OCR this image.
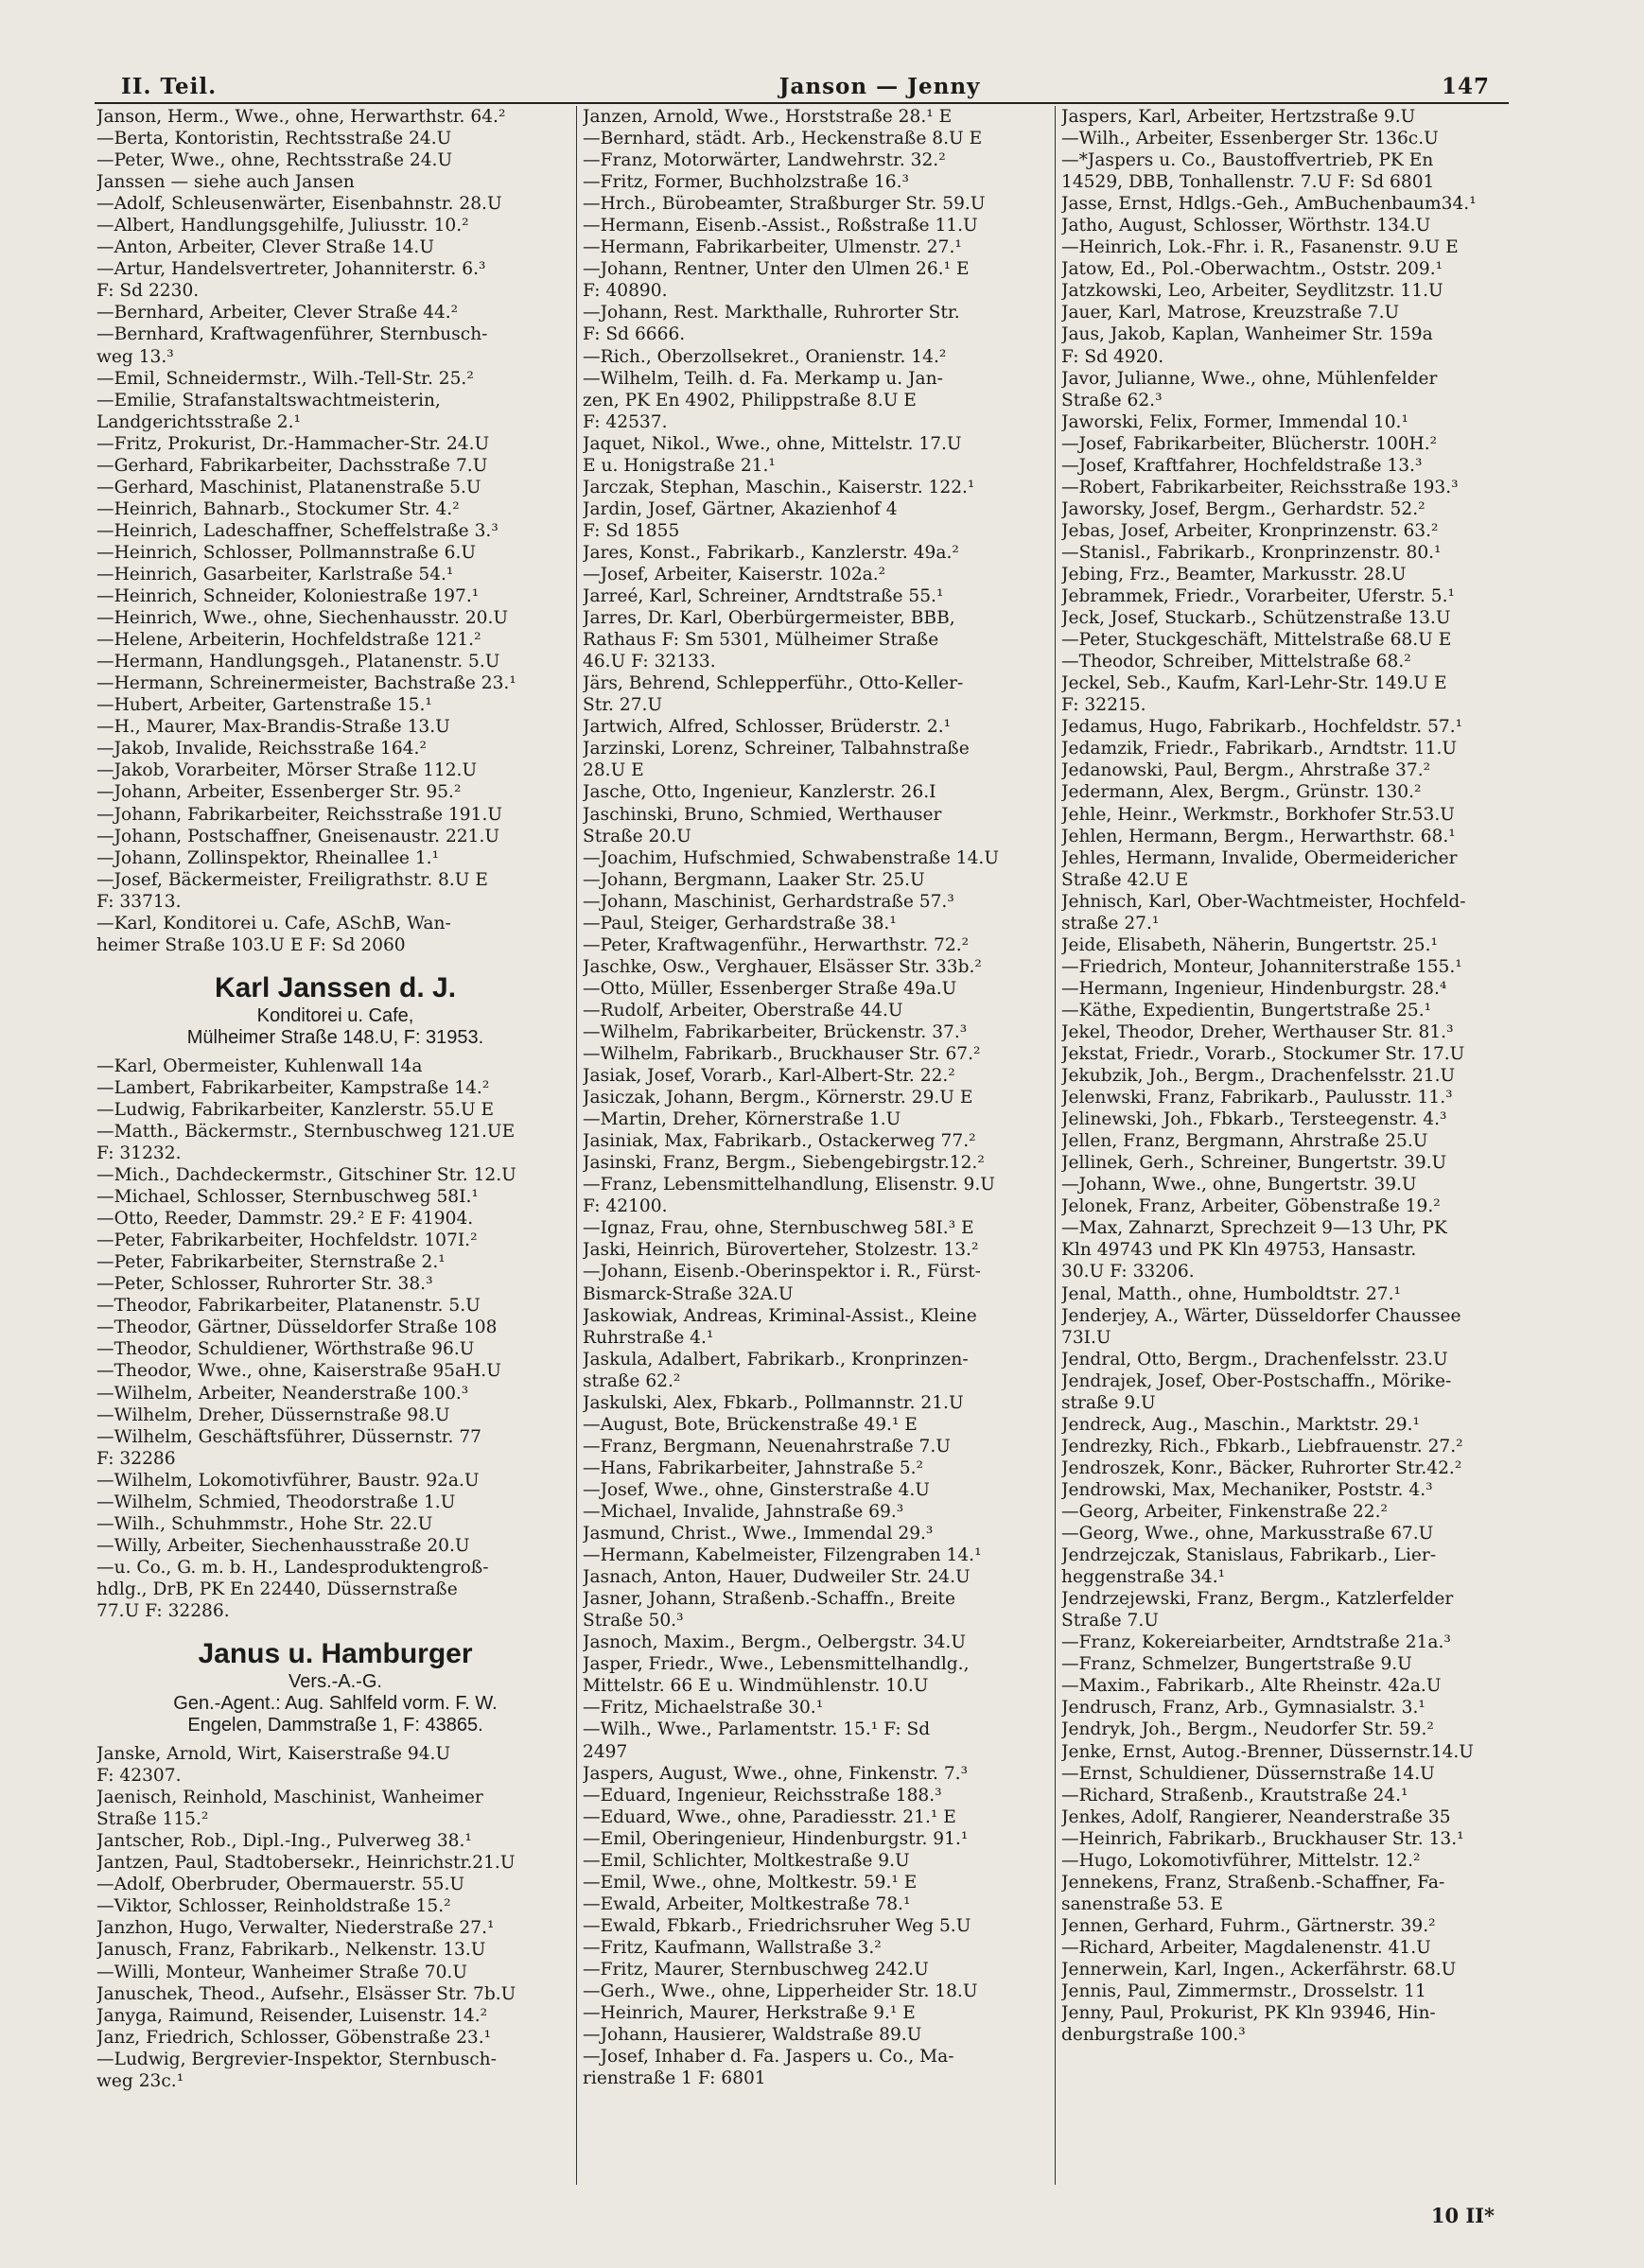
II. Teil.	Janson — Jenny	147
Janson, Herm., Wwe., ohne, Herwarthstr. 64.²
—Berta, Kontoristin, Rechtsstraße 24.U
—Peter, Wwe., ohne, Rechtsstraße 24.U
Janssen — siehe auch Jansen
—Adolf, Schleusenwärter, Eisenbahnstr. 28.U
—Albert, Handlungsgehilfe, Juliusstr. 10.²
—Anton, Arbeiter, Clever Straße 14.U
—Artur, Handelsvertreter, Johanniterstr. 6.³
F: Sd 2230.
—Bernhard, Arbeiter, Clever Straße 44.²
—Bernhard, Kraftwagenführer, Sternbusch-
weg 13.³
—Emil, Schneidermstr., Wilh.-Tell-Str. 25.²
—Emilie, Strafanstaltswachtmeisterin,
Landgerichtsstraße 2.¹
—Fritz, Prokurist, Dr.-Hammacher-Str. 24.U
—Gerhard, Fabrikarbeiter, Dachsstraße 7.U
—Gerhard, Maschinist, Platanenstraße 5.U
—Heinrich, Bahnarb., Stockumer Str. 4.²
—Heinrich, Ladeschaffner, Scheffelstraße 3.³
—Heinrich, Schlosser, Pollmannstraße 6.U
—Heinrich, Gasarbeiter, Karlstraße 54.¹
—Heinrich, Schneider, Koloniestraße 197.¹
—Heinrich, Wwe., ohne, Siechenhausstr. 20.U
—Helene, Arbeiterin, Hochfeldstraße 121.²
—Hermann, Handlungsgeh., Platanenstr. 5.U
—Hermann, Schreinermeister, Bachstraße 23.¹
—Hubert, Arbeiter, Gartenstraße 15.¹
—H., Maurer, Max-Brandis-Straße 13.U
—Jakob, Invalide, Reichsstraße 164.²
—Jakob, Vorarbeiter, Mörser Straße 112.U
—Johann, Arbeiter, Essenberger Str. 95.²
—Johann, Fabrikarbeiter, Reichsstraße 191.U
—Johann, Postschaffner, Gneisenaustr. 221.U
—Johann, Zollinspektor, Rheinallee 1.¹
—Josef, Bäckermeister, Freiligrathstr. 8.U E
F: 33713.
—Karl, Konditorei u. Cafe, ASchB, Wan-
heimer Straße 103.U E F: Sd 2060
Karl Janssen d. J.
Konditorei u. Cafe,
Mülheimer Straße 148.U, F: 31953.
—Karl, Obermeister, Kuhlenwall 14a
—Lambert, Fabrikarbeiter, Kampstraße 14.²
—Ludwig, Fabrikarbeiter, Kanzlerstr. 55.U E
—Matth., Bäckermstr., Sternbuschweg 121.UE
F: 31232.
—Mich., Dachdeckermstr., Gitschiner Str. 12.U
—Michael, Schlosser, Sternbuschweg 58I.¹
—Otto, Reeder, Dammstr. 29.² E F: 41904.
—Peter, Fabrikarbeiter, Hochfeldstr. 107I.²
—Peter, Fabrikarbeiter, Sternstraße 2.¹
—Peter, Schlosser, Ruhrorter Str. 38.³
—Theodor, Fabrikarbeiter, Platanenstr. 5.U
—Theodor, Gärtner, Düsseldorfer Straße 108
—Theodor, Schuldiener, Wörthstraße 96.U
—Theodor, Wwe., ohne, Kaiserstraße 95aH.U
—Wilhelm, Arbeiter, Neanderstraße 100.³
—Wilhelm, Dreher, Düssernstraße 98.U
—Wilhelm, Geschäftsführer, Düssernstr. 77
F: 32286
—Wilhelm, Lokomotivführer, Baustr. 92a.U
—Wilhelm, Schmied, Theodorstraße 1.U
—Wilh., Schuhmmstr., Hohe Str. 22.U
—Willy, Arbeiter, Siechenhausstraße 20.U
—u. Co., G. m. b. H., Landesproduktengroß-
hdlg., DrB, PK En 22440, Düssernstraße
77.U F: 32286.
Janus u. Hamburger
Vers.-A.-G.
Gen.-Agent.: Aug. Sahlfeld vorm. F. W.
Engelen, Dammstraße 1, F: 43865.
Janske, Arnold, Wirt, Kaiserstraße 94.U
F: 42307.
Jaenisch, Reinhold, Maschinist, Wanheimer
Straße 115.²
Jantscher, Rob., Dipl.-Ing., Pulverweg 38.¹
Jantzen, Paul, Stadtobersekr., Heinrichstr.21.U
—Adolf, Oberbruder, Obermauerstr. 55.U
—Viktor, Schlosser, Reinholdstraße 15.²
Janzhon, Hugo, Verwalter, Niederstraße 27.¹
Janusch, Franz, Fabrikarb., Nelkenstr. 13.U
—Willi, Monteur, Wanheimer Straße 70.U
Januschek, Theod., Aufsehr., Elsässer Str. 7b.U
Janyga, Raimund, Reisender, Luisenstr. 14.²
Janz, Friedrich, Schlosser, Göbenstraße 23.¹
—Ludwig, Bergrevier-Inspektor, Sternbusch-
weg 23c.¹
Janzen, Arnold, Wwe., Horststraße 28.¹ E
—Bernhard, städt. Arb., Heckenstraße 8.U E
—Franz, Motorwärter, Landwehrstr. 32.²
—Fritz, Former, Buchholzstraße 16.³
—Hrch., Bürobeamter, Straßburger Str. 59.U
—Hermann, Eisenb.-Assist., Roßstraße 11.U
—Hermann, Fabrikarbeiter, Ulmenstr. 27.¹
—Johann, Rentner, Unter den Ulmen 26.¹ E
F: 40890.
—Johann, Rest. Markthalle, Ruhrorter Str.
F: Sd 6666.
—Rich., Oberzollsekret., Oranienstr. 14.²
—Wilhelm, Teilh. d. Fa. Merkamp u. Jan-
zen, PK En 4902, Philippstraße 8.U E
F: 42537.
Jaquet, Nikol., Wwe., ohne, Mittelstr. 17.U
E u. Honigstraße 21.¹
Jarczak, Stephan, Maschin., Kaiserstr. 122.¹
Jardin, Josef, Gärtner, Akazienhof 4
F: Sd 1855
Jares, Konst., Fabrikarb., Kanzlerstr. 49a.²
—Josef, Arbeiter, Kaiserstr. 102a.²
Jarreé, Karl, Schreiner, Arndtstraße 55.¹
Jarres, Dr. Karl, Oberbürgermeister, BBB,
Rathaus F: Sm 5301, Mülheimer Straße
46.U F: 32133.
Järs, Behrend, Schlepperführ., Otto-Keller-
Str. 27.U
Jartwich, Alfred, Schlosser, Brüderstr. 2.¹
Jarzinski, Lorenz, Schreiner, Talbahnstraße
28.U E
Jasche, Otto, Ingenieur, Kanzlerstr. 26.I
Jaschinski, Bruno, Schmied, Werthauser
Straße 20.U
—Joachim, Hufschmied, Schwabenstraße 14.U
—Johann, Bergmann, Laaker Str. 25.U
—Johann, Maschinist, Gerhardstraße 57.³
—Paul, Steiger, Gerhardstraße 38.¹
—Peter, Kraftwagenführ., Herwarthstr. 72.²
Jaschke, Osw., Verghauer, Elsässer Str. 33b.²
—Otto, Müller, Essenberger Straße 49a.U
—Rudolf, Arbeiter, Oberstraße 44.U
—Wilhelm, Fabrikarbeiter, Brückenstr. 37.³
—Wilhelm, Fabrikarb., Bruckhauser Str. 67.²
Jasiak, Josef, Vorarb., Karl-Albert-Str. 22.²
Jasiczak, Johann, Bergm., Körnerstr. 29.U E
—Martin, Dreher, Körnerstraße 1.U
Jasiniak, Max, Fabrikarb., Ostackerweg 77.²
Jasinski, Franz, Bergm., Siebengebirgstr.12.²
—Franz, Lebensmittelhandlung, Elisenstr. 9.U
F: 42100.
—Ignaz, Frau, ohne, Sternbuschweg 58I.³ E
Jaski, Heinrich, Büroverteher, Stolzestr. 13.²
—Johann, Eisenb.-Oberinspektor i. R., Fürst-
Bismarck-Straße 32A.U
Jaskowiak, Andreas, Kriminal-Assist., Kleine
Ruhrstraße 4.¹
Jaskula, Adalbert, Fabrikarb., Kronprinzen-
straße 62.²
Jaskulski, Alex, Fbkarb., Pollmannstr. 21.U
—August, Bote, Brückenstraße 49.¹ E
—Franz, Bergmann, Neuenahrstraße 7.U
—Hans, Fabrikarbeiter, Jahnstraße 5.²
—Josef, Wwe., ohne, Ginsterstraße 4.U
—Michael, Invalide, Jahnstraße 69.³
Jasmund, Christ., Wwe., Immendal 29.³
—Hermann, Kabelmeister, Filzengraben 14.¹
Jasnach, Anton, Hauer, Dudweiler Str. 24.U
Jasner, Johann, Straßenb.-Schaffn., Breite
Straße 50.³
Jasnoch, Maxim., Bergm., Oelbergstr. 34.U
Jasper, Friedr., Wwe., Lebensmittelhandlg.,
Mittelstr. 66 E u. Windmühlenstr. 10.U
—Fritz, Michaelstraße 30.¹
—Wilh., Wwe., Parlamentstr. 15.¹ F: Sd
2497
Jaspers, August, Wwe., ohne, Finkenstr. 7.³
—Eduard, Ingenieur, Reichsstraße 188.³
—Eduard, Wwe., ohne, Paradiesstr. 21.¹ E
—Emil, Oberingenieur, Hindenburgstr. 91.¹
—Emil, Schlichter, Moltkestraße 9.U
—Emil, Wwe., ohne, Moltkestr. 59.¹ E
—Ewald, Arbeiter, Moltkestraße 78.¹
—Ewald, Fbkarb., Friedrichsruher Weg 5.U
—Fritz, Kaufmann, Wallstraße 3.²
—Fritz, Maurer, Sternbuschweg 242.U
—Gerh., Wwe., ohne, Lipperheider Str. 18.U
—Heinrich, Maurer, Herkstraße 9.¹ E
—Johann, Hausierer, Waldstraße 89.U
—Josef, Inhaber d. Fa. Jaspers u. Co., Ma-
rienstraße 1 F: 6801
Jaspers, Karl, Arbeiter, Hertzstraße 9.U
—Wilh., Arbeiter, Essenberger Str. 136c.U
—*Jaspers u. Co., Baustoffvertrieb, PK En
14529, DBB, Tonhallenstr. 7.U F: Sd 6801
Jasse, Ernst, Hdlgs.-Geh., AmBuchenbaum34.¹
Jatho, August, Schlosser, Wörthstr. 134.U
—Heinrich, Lok.-Fhr. i. R., Fasanenstr. 9.U E
Jatow, Ed., Pol.-Oberwachtm., Oststr. 209.¹
Jatzkowski, Leo, Arbeiter, Seydlitzstr. 11.U
Jauer, Karl, Matrose, Kreuzstraße 7.U
Jaus, Jakob, Kaplan, Wanheimer Str. 159a
F: Sd 4920.
Javor, Julianne, Wwe., ohne, Mühlenfelder
Straße 62.³
Jaworski, Felix, Former, Immendal 10.¹
—Josef, Fabrikarbeiter, Blücherstr. 100H.²
—Josef, Kraftfahrer, Hochfeldstraße 13.³
—Robert, Fabrikarbeiter, Reichsstraße 193.³
Jaworsky, Josef, Bergm., Gerhardstr. 52.²
Jebas, Josef, Arbeiter, Kronprinzenstr. 63.²
—Stanisl., Fabrikarb., Kronprinzenstr. 80.¹
Jebing, Frz., Beamter, Markusstr. 28.U
Jebrammek, Friedr., Vorarbeiter, Uferstr. 5.¹
Jeck, Josef, Stuckarb., Schützenstraße 13.U
—Peter, Stuckgeschäft, Mittelstraße 68.U E
—Theodor, Schreiber, Mittelstraße 68.²
Jeckel, Seb., Kaufm, Karl-Lehr-Str. 149.U E
F: 32215.
Jedamus, Hugo, Fabrikarb., Hochfeldstr. 57.¹
Jedamzik, Friedr., Fabrikarb., Arndtstr. 11.U
Jedanowski, Paul, Bergm., Ahrstraße 37.²
Jedermann, Alex, Bergm., Grünstr. 130.²
Jehle, Heinr., Werkmstr., Borkhofer Str.53.U
Jehlen, Hermann, Bergm., Herwarthstr. 68.¹
Jehles, Hermann, Invalide, Obermeidericher
Straße 42.U E
Jehnisch, Karl, Ober-Wachtmeister, Hochfeld-
straße 27.¹
Jeide, Elisabeth, Näherin, Bungertstr. 25.¹
—Friedrich, Monteur, Johanniterstraße 155.¹
—Hermann, Ingenieur, Hindenburgstr. 28.⁴
—Käthe, Expedientin, Bungertstraße 25.¹
Jekel, Theodor, Dreher, Werthauser Str. 81.³
Jekstat, Friedr., Vorarb., Stockumer Str. 17.U
Jekubzik, Joh., Bergm., Drachenfelsstr. 21.U
Jelenwski, Franz, Fabrikarb., Paulusstr. 11.³
Jelinewski, Joh., Fbkarb., Tersteegenstr. 4.³
Jellen, Franz, Bergmann, Ahrstraße 25.U
Jellinek, Gerh., Schreiner, Bungertstr. 39.U
—Johann, Wwe., ohne, Bungertstr. 39.U
Jelonek, Franz, Arbeiter, Göbenstraße 19.²
—Max, Zahnarzt, Sprechzeit 9—13 Uhr, PK
Kln 49743 und PK Kln 49753, Hansastr.
30.U F: 33206.
Jenal, Matth., ohne, Humboldtstr. 27.¹
Jenderjey, A., Wärter, Düsseldorfer Chaussee
73I.U
Jendral, Otto, Bergm., Drachenfelsstr. 23.U
Jendrajek, Josef, Ober-Postschaffn., Mörike-
straße 9.U
Jendreck, Aug., Maschin., Marktstr. 29.¹
Jendrezky, Rich., Fbkarb., Liebfrauenstr. 27.²
Jendroszek, Konr., Bäcker, Ruhrorter Str.42.²
Jendrowski, Max, Mechaniker, Poststr. 4.³
—Georg, Arbeiter, Finkenstraße 22.²
—Georg, Wwe., ohne, Markusstraße 67.U
Jendrzejczak, Stanislaus, Fabrikarb., Lier-
heggenstraße 34.¹
Jendrzejewski, Franz, Bergm., Katzlerfelder
Straße 7.U
—Franz, Kokereiarbeiter, Arndtstraße 21a.³
—Franz, Schmelzer, Bungertstraße 9.U
—Maxim., Fabrikarb., Alte Rheinstr. 42a.U
Jendrusch, Franz, Arb., Gymnasialstr. 3.¹
Jendryk, Joh., Bergm., Neudorfer Str. 59.²
Jenke, Ernst, Autog.-Brenner, Düssernstr.14.U
—Ernst, Schuldiener, Düssernstraße 14.U
—Richard, Straßenb., Krautstraße 24.¹
Jenkes, Adolf, Rangierer, Neanderstraße 35
—Heinrich, Fabrikarb., Bruckhauser Str. 13.¹
—Hugo, Lokomotivführer, Mittelstr. 12.²
Jennekens, Franz, Straßenb.-Schaffner, Fa-
sanenstraße 53. E
Jennen, Gerhard, Fuhrm., Gärtnerstr. 39.²
—Richard, Arbeiter, Magdalenenstr. 41.U
Jennerwein, Karl, Ingen., Ackerfährstr. 68.U
Jennis, Paul, Zimmermstr., Drosselstr. 11
Jenny, Paul, Prokurist, PK Kln 93946, Hin-
denburgstraße 100.³
10 II*
